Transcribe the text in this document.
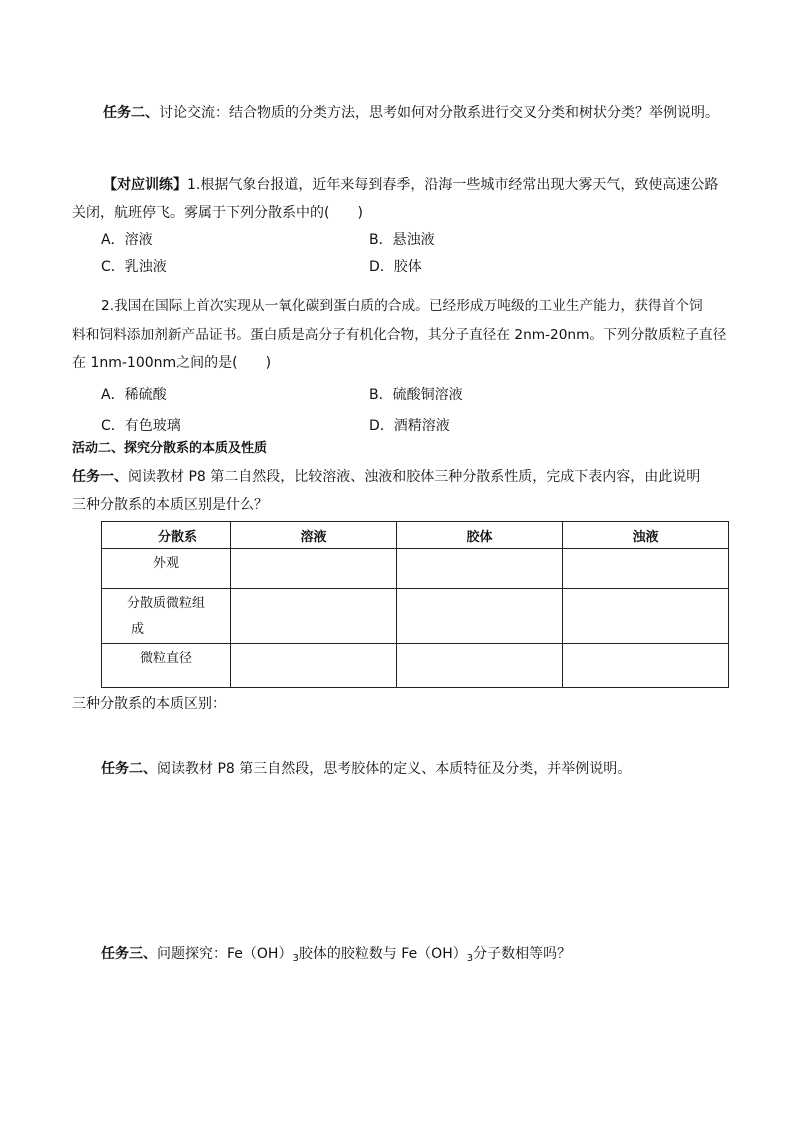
任务二、讨论交流：结合物质的分类方法，思考如何对分散系进行交叉分类和树状分类？举例说明。
【对应训练】1.根据气象台报道，近年来每到春季，沿海一些城市经常出现大雾天气，致使高速公路
关闭，航班停飞。雾属于下列分散系中的(　　)
A．溶液	B．悬浊液
C．乳浊液	D．胶体
2.我国在国际上首次实现从一氧化碳到蛋白质的合成。已经形成万吨级的工业生产能力，获得首个饲
料和饲料添加剂新产品证书。蛋白质是高分子有机化合物，其分子直径在 2nm-20nm。下列分散质粒子直径
在 1nm-100nm之间的是(　　)
A．稀硫酸	B．硫酸铜溶液
C．有色玻璃	D．酒精溶液
活动二、探究分散系的本质及性质
任务一、阅读教材 P8 第二自然段，比较溶液、浊液和胶体三种分散系性质，完成下表内容，由此说明
三种分散系的本质区别是什么？
分散系	溶液	胶体	浊液
外观			

分散质微粒组
成			

微粒直径			
三种分散系的本质区别：
任务二、阅读教材 P8 第三自然段，思考胶体的定义、本质特征及分类，并举例说明。
任务三、问题探究：$Fe(OH)_3$胶体的胶粒数与 $Fe(OH)_3$分子数相等吗？
